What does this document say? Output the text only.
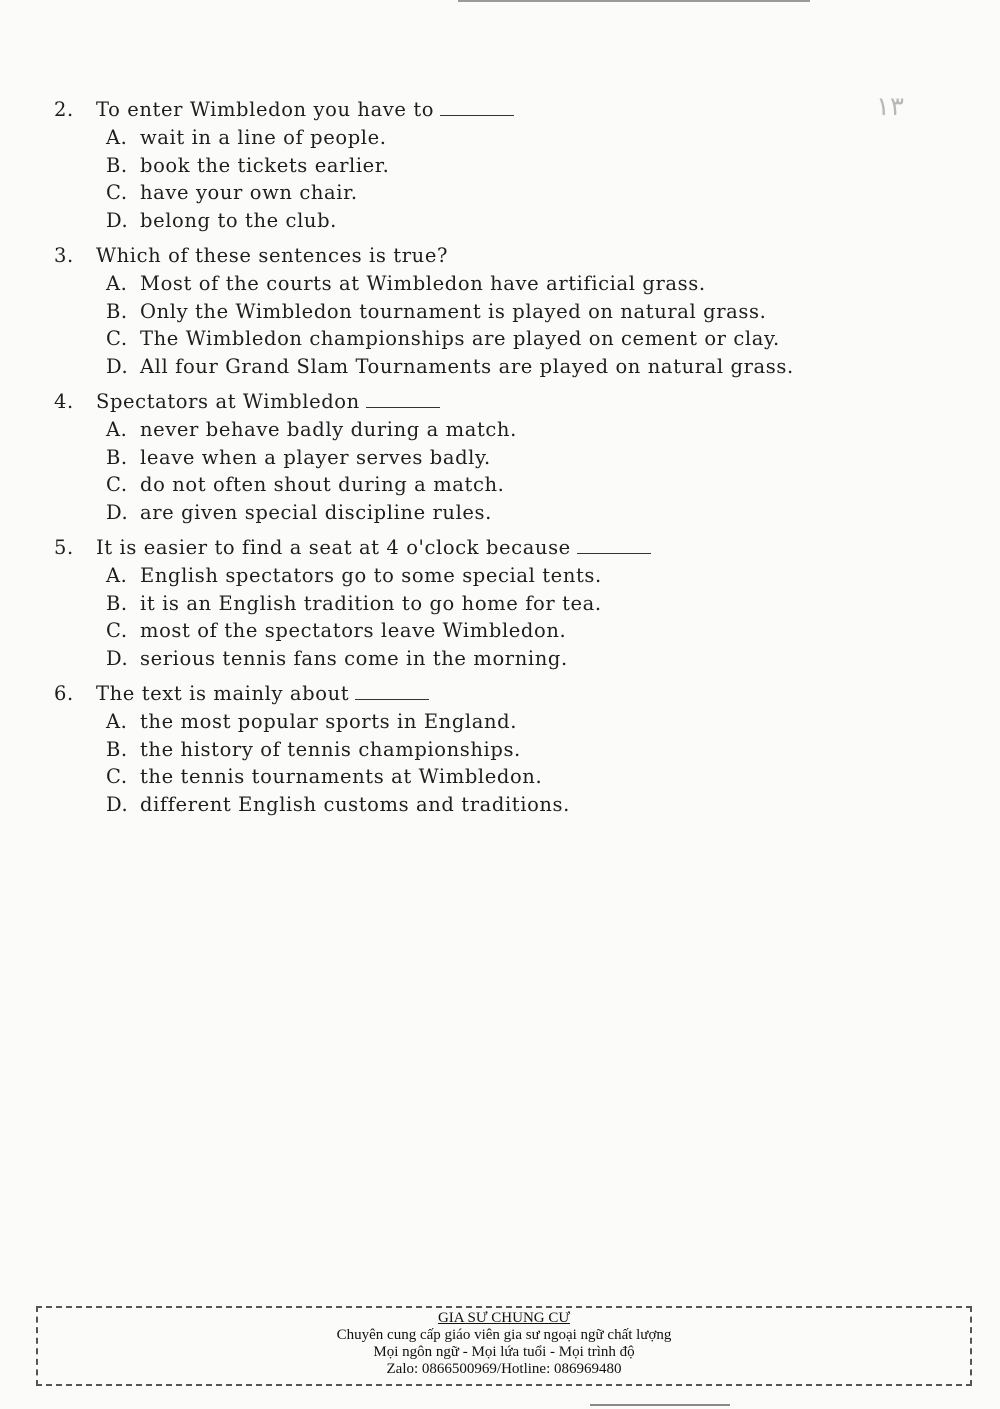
۱۳
2. To enter Wimbledon you have to
A. wait in a line of people.
B. book the tickets earlier.
C. have your own chair.
D. belong to the club.
3. Which of these sentences is true?
A. Most of the courts at Wimbledon have artificial grass.
B. Only the Wimbledon tournament is played on natural grass.
C. The Wimbledon championships are played on cement or clay.
D. All four Grand Slam Tournaments are played on natural grass.
4. Spectators at Wimbledon
A. never behave badly during a match.
B. leave when a player serves badly.
C. do not often shout during a match.
D. are given special discipline rules.
5. It is easier to find a seat at 4 o'clock because
A. English spectators go to some special tents.
B. it is an English tradition to go home for tea.
C. most of the spectators leave Wimbledon.
D. serious tennis fans come in the morning.
6. The text is mainly about
A. the most popular sports in England.
B. the history of tennis championships.
C. the tennis tournaments at Wimbledon.
D. different English customs and traditions.
GIA SƯ CHUNG CƯ
Chuyên cung cấp giáo viên gia sư ngoại ngữ chất lượng
Mọi ngôn ngữ - Mọi lứa tuổi - Mọi trình độ
Zalo: 0866500969/Hotline: 086969480
